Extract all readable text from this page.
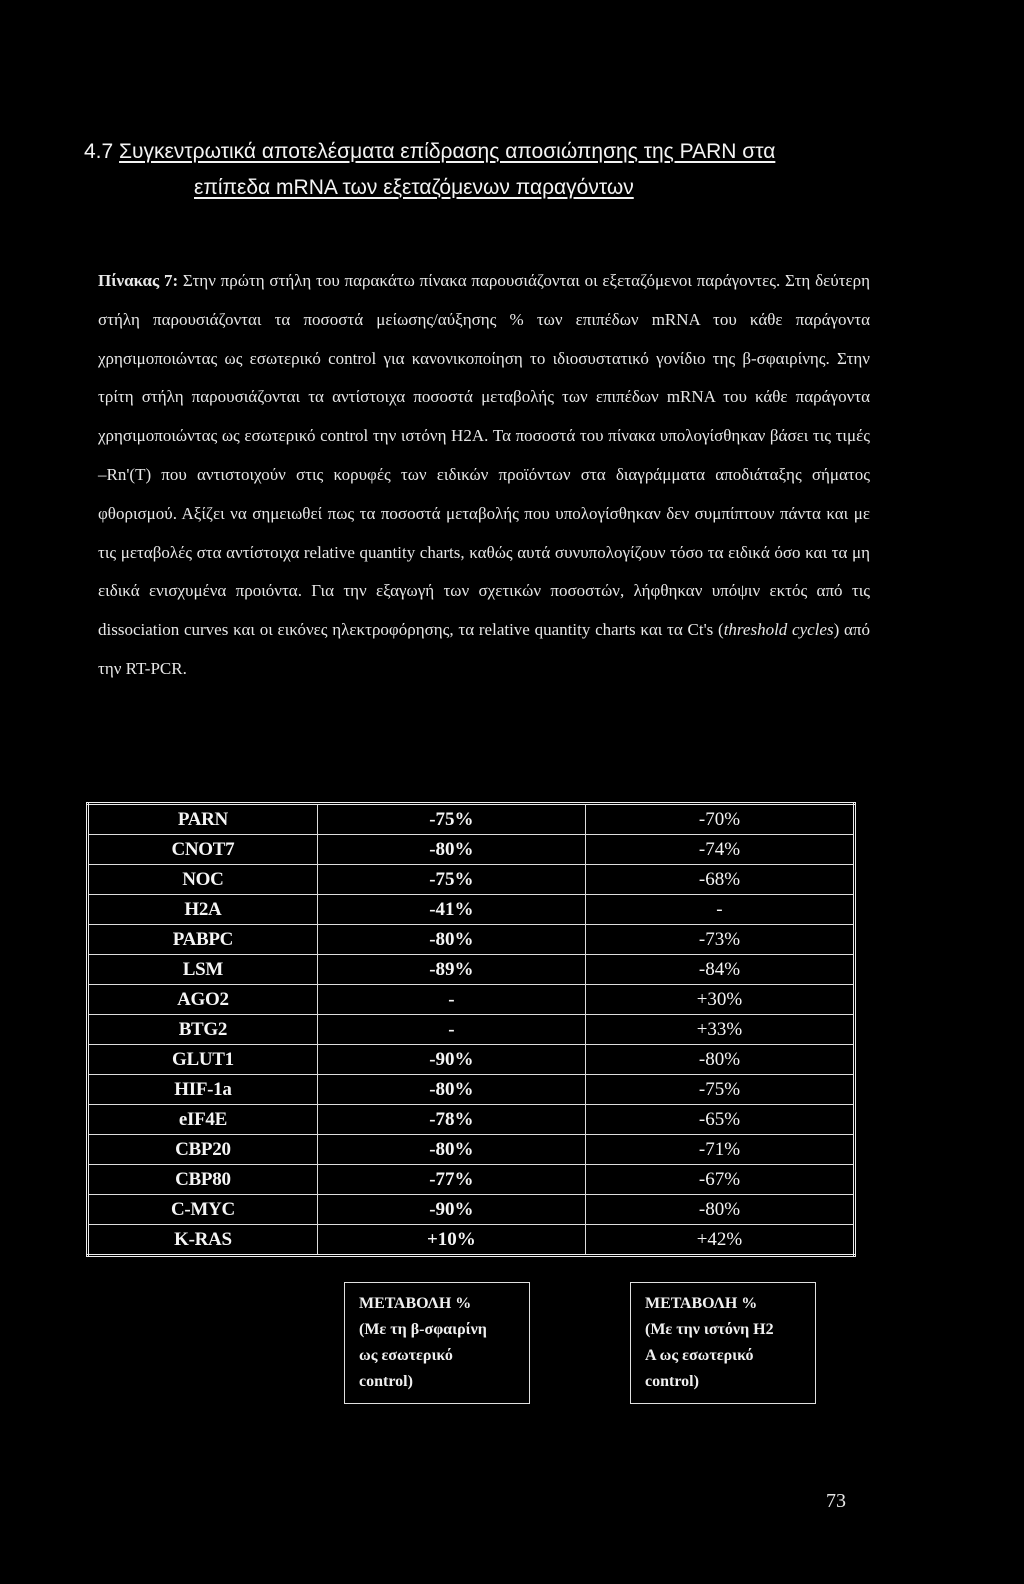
4.7 Συγκεντρωτικά αποτελέσματα επίδρασης αποσιώπησης της PARN στα
επίπεδα mRNA των εξεταζόμενων παραγόντων
Πίνακας 7: Στην πρώτη στήλη του παρακάτω πίνακα παρουσιάζονται οι εξεταζόμενοι παράγοντες. Στη δεύτερη στήλη παρουσιάζονται τα ποσοστά μείωσης/αύξησης % των επιπέδων mRNA του κάθε παράγοντα χρησιμοποιώντας ως εσωτερικό control για κανονικοποίηση το ιδιοσυστατικό γονίδιο της β-σφαιρίνης. Στην τρίτη στήλη παρουσιάζονται τα αντίστοιχα ποσοστά μεταβολής των επιπέδων mRNA του κάθε παράγοντα χρησιμοποιώντας ως εσωτερικό control την ιστόνη H2A. Τα ποσοστά του πίνακα υπολογίσθηκαν βάσει τις τιμές –Rn'(T) που αντιστοιχούν στις κορυφές των ειδικών προϊόντων στα διαγράμματα αποδιάταξης σήματος φθορισμού. Αξίζει να σημειωθεί πως τα ποσοστά μεταβολής που υπολογίσθηκαν δεν συμπίπτουν πάντα και με τις μεταβολές στα αντίστοιχα relative quantity charts, καθώς αυτά συνυπολογίζουν τόσο τα ειδικά όσο και τα μη ειδικά ενισχυμένα προιόντα. Για την εξαγωγή των σχετικών ποσοστών, λήφθηκαν υπόψιν εκτός από τις dissociation curves και οι εικόνες ηλεκτροφόρησης, τα relative quantity charts και τα Ct's (threshold cycles) από την RT-PCR.
PARN	-75%	-70%
CNOT7	-80%	-74%
NOC	-75%	-68%
H2A	-41%	-
PABPC	-80%	-73%
LSM	-89%	-84%
AGO2	-	+30%
BTG2	-	+33%
GLUT1	-90%	-80%
HIF-1a	-80%	-75%
eIF4E	-78%	-65%
CBP20	-80%	-71%
CBP80	-77%	-67%
C-MYC	-90%	-80%
K-RAS	+10%	+42%
ΜΕΤΑΒΟΛΗ %
(Με τη β-σφαιρίνη
ως εσωτερικό
control)
ΜΕΤΑΒΟΛΗ %
(Με την ιστόνη H2
A ως εσωτερικό
control)
73
